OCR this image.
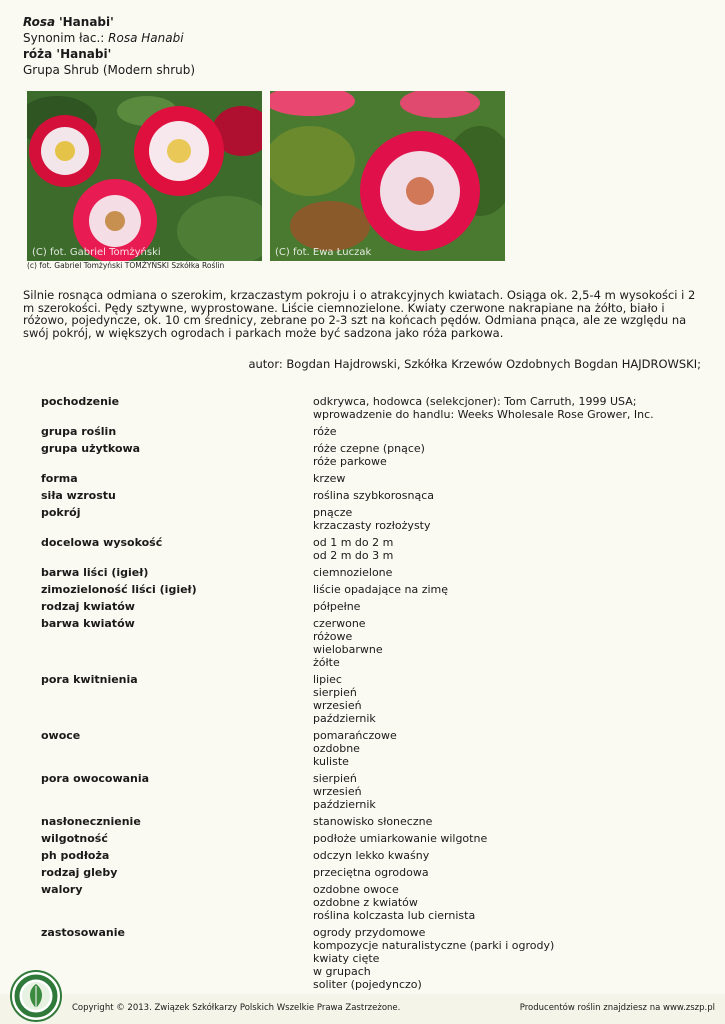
Rosa 'Hanabi'
Synonim łac.: Rosa Hanabi
róża 'Hanabi'
Grupa Shrub (Modern shrub)
(C) fot. Gabriel Tomżyński	(C) fot. Ewa Łuczak
(c) fot. Gabriel Tomżyński TOMŻYŃSKI Szkółka Roślin
Silnie rosnąca odmiana o szerokim, krzaczastym pokroju i o atrakcyjnych kwiatach. Osiąga ok. 2,5-4 m wysokości i 2 m szerokości. Pędy sztywne, wyprostowane. Liście ciemnozielone. Kwiaty czerwone nakrapiane na żółto, biało i różowo, pojedyncze, ok. 10 cm średnicy, zebrane po 2-3 szt na końcach pędów. Odmiana pnąca, ale ze względu na swój pokrój, w większych ogrodach i parkach może być sadzona jako róża parkowa.
autor: Bogdan Hajdrowski, Szkółka Krzewów Ozdobnych Bogdan HAJDROWSKI;
pochodzenie	odkrywca, hodowca (selekcjoner): Tom Carruth, 1999 USA; wprowadzenie do handlu: Weeks Wholesale Rose Grower, Inc.
grupa roślin	róże
grupa użytkowa	róże czepne (pnące)
róże parkowe
forma	krzew
siła wzrostu	roślina szybkorosnąca
pokrój	pnącze
krzaczasty rozłożysty
docelowa wysokość	od 1 m do 2 m
od 2 m do 3 m
barwa liści (igieł)	ciemnozielone
zimozieloność liści (igieł)	liście opadające na zimę
rodzaj kwiatów	półpełne
barwa kwiatów	czerwone
różowe
wielobarwne
żółte
pora kwitnienia	lipiec
sierpień
wrzesień
październik
owoce	pomarańczowe
ozdobne
kuliste
pora owocowania	sierpień
wrzesień
październik
nasłonecznienie	stanowisko słoneczne
wilgotność	podłoże umiarkowanie wilgotne
ph podłoża	odczyn lekko kwaśny
rodzaj gleby	przeciętna ogrodowa
walory	ozdobne owoce
ozdobne z kwiatów
roślina kolczasta lub ciernista
zastosowanie	ogrody przydomowe
kompozycje naturalistyczne (parki i ogrody)
kwiaty cięte
w grupach
soliter (pojedynczo)
Copyright © 2013. Związek Szkółkarzy Polskich Wszelkie Prawa Zastrzeżone.	Producentów roślin znajdziesz na www.zszp.pl
